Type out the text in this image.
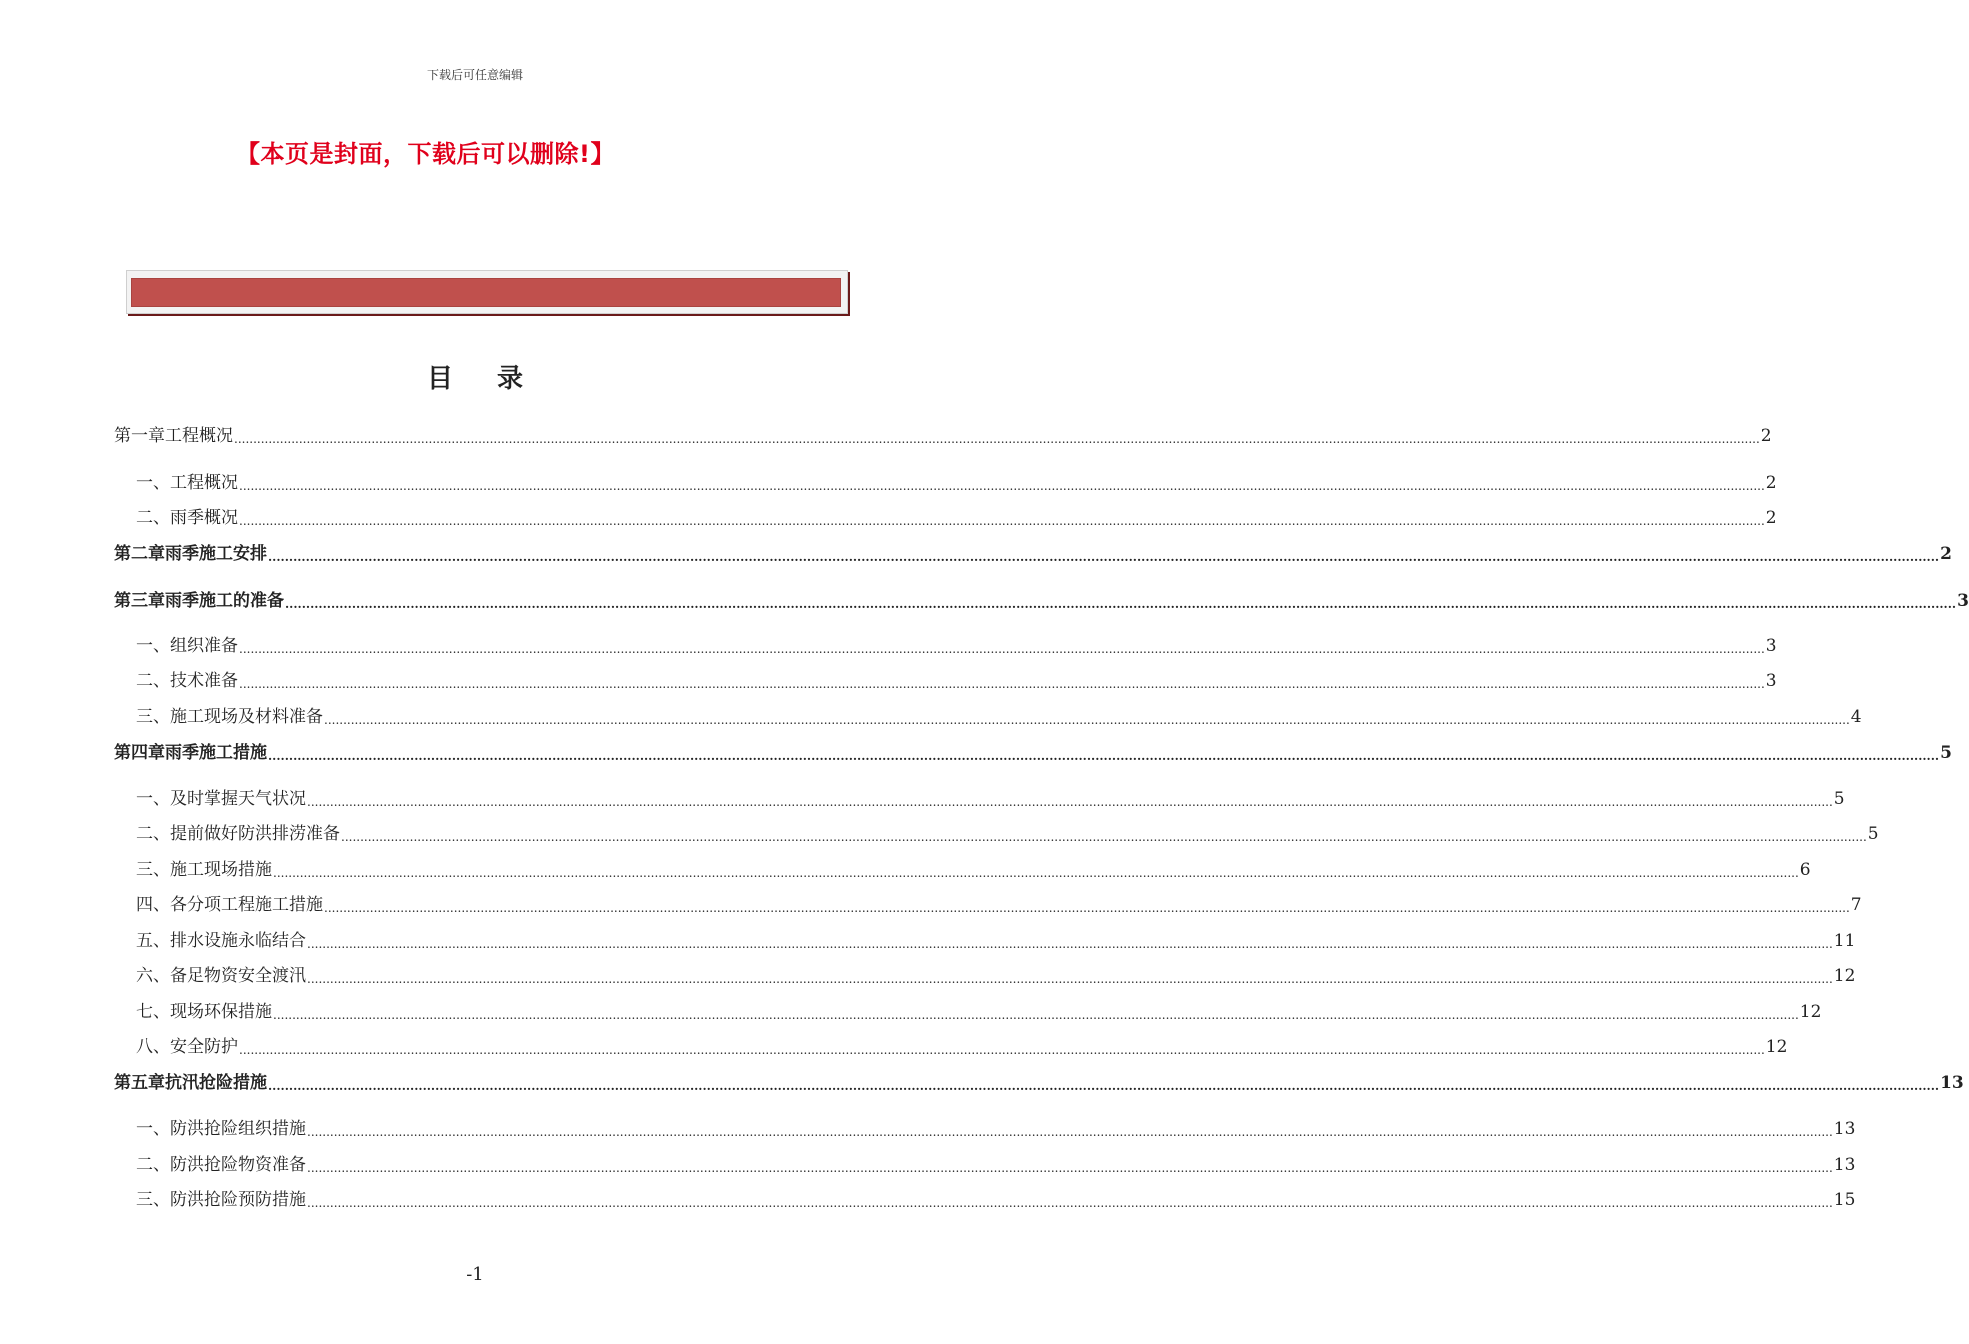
下载后可任意编辑
【本页是封面，下载后可以删除!】
目录
第一章工程概况 ................................................................................................................................................................................................................................................................................................................................................................................................................ 2
一、工程概况 ................................................................................................................................................................................................................................................................................................................................................................................................................ 2
二、雨季概况 ................................................................................................................................................................................................................................................................................................................................................................................................................ 2
第二章雨季施工安排 ................................................................................................................................................................................................................................................................................................................................................................................................................ 2
第三章雨季施工的准备 ................................................................................................................................................................................................................................................................................................................................................................................................................ 3
一、组织准备 ................................................................................................................................................................................................................................................................................................................................................................................................................ 3
二、技术准备 ................................................................................................................................................................................................................................................................................................................................................................................................................ 3
三、施工现场及材料准备 ................................................................................................................................................................................................................................................................................................................................................................................................................ 4
第四章雨季施工措施 ................................................................................................................................................................................................................................................................................................................................................................................................................ 5
一、及时掌握天气状况 ................................................................................................................................................................................................................................................................................................................................................................................................................ 5
二、提前做好防洪排涝准备 ................................................................................................................................................................................................................................................................................................................................................................................................................ 5
三、施工现场措施 ................................................................................................................................................................................................................................................................................................................................................................................................................ 6
四、各分项工程施工措施 ................................................................................................................................................................................................................................................................................................................................................................................................................ 7
五、排水设施永临结合 ................................................................................................................................................................................................................................................................................................................................................................................................................ 11
六、备足物资安全渡汛 ................................................................................................................................................................................................................................................................................................................................................................................................................ 12
七、现场环保措施 ................................................................................................................................................................................................................................................................................................................................................................................................................ 12
八、安全防护 ................................................................................................................................................................................................................................................................................................................................................................................................................ 12
第五章抗汛抢险措施 ................................................................................................................................................................................................................................................................................................................................................................................................................ 13
一、防洪抢险组织措施 ................................................................................................................................................................................................................................................................................................................................................................................................................ 13
二、防洪抢险物资准备 ................................................................................................................................................................................................................................................................................................................................................................................................................ 13
三、防洪抢险预防措施 ................................................................................................................................................................................................................................................................................................................................................................................................................ 15
-1
